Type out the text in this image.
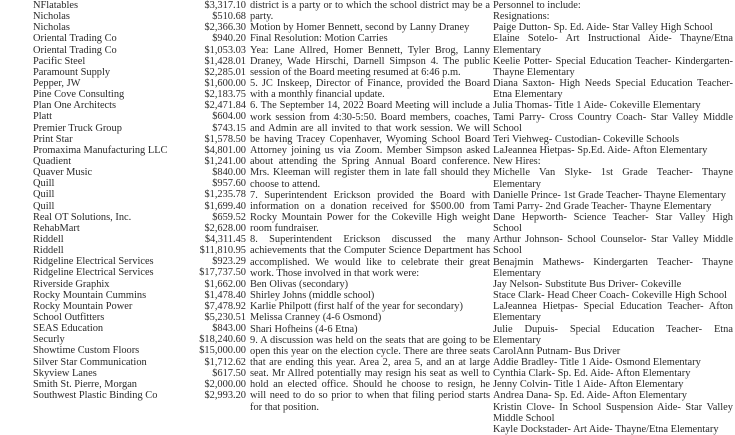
NFlatables	$3,317.10
Nicholas	$510.68
Nicholas	$2,366.30
Oriental Trading Co	$940.20
Oriental Trading Co	$1,053.03
Pacific Steel	$1,428.01
Paramount Supply	$2,285.01
Pepper, JW	$1,600.00
Pine Cove Consulting	$2,183.75
Plan One Architects	$2,471.84
Platt	$604.00
Premier Truck Group	$743.15
Print Star	$1,578.50
Promaxima Manufacturing LLC	$4,801.00
Quadient	$1,241.00
Quaver Music	$840.00
Quill	$957.60
Quill	$1,235.78
Quill	$1,699.40
Real OT Solutions, Inc.	$659.52
RehabMart	$2,628.00
Riddell	$4,311.45
Riddell	$11,810.95
Ridgeline Electrical Services	$923.29
Ridgeline Electrical Services	$17,737.50
Riverside Graphix	$1,662.00
Rocky Mountain Cummins	$1,478.40
Rocky Mountain Power	$7,478.92
School Outfitters	$5,230.51
SEAS Education	$843.00
Securly	$18,240.60
Showtime Custom Floors	$15,000.00
Silver Star Communication	$1,712.62
Skyview Lanes	$617.50
Smith St. Pierre, Morgan	$2,000.00
Southwest Plastic Binding Co	$2,993.20
district is a party or to which the school district may be a party.
Motion by Homer Bennett, second by Lanny Draney
Final Resolution: Motion Carries
Yea: Lane Allred, Homer Bennett, Tyler Brog, Lanny Draney, Wade Hirschi, Darnell Simpson 4. The public session of the Board meeting resumed at 6:46 p.m.
5. JC Inskeep, Director of Finance, provided the Board with a monthly financial update.
6. The September 14, 2022 Board Meeting will include a work session from 4:30-5:50. Board members, coaches, and Admin are all invited to that work session. We will be having Tracey Copenhaver, Wyoming School Board Attorney joining us via Zoom. Member Simpson asked about attending the Spring Annual Board conference. Mrs. Kleeman will register them in late fall should they choose to attend.
7. Superintendent Erickson provided the Board with information on a donation received for $500.00 from Rocky Mountain Power for the Cokeville High weight room fundraiser.
8. Superintendent Erickson discussed the many achievements that the Computer Science Department has accomplished. We would like to celebrate their great work. Those involved in that work were:
Ben Olivas (secondary)
Shirley Johns (middle school)
Karlie Philpott (first half of the year for secondary)
Melissa Cranney (4-6 Osmond)
Shari Hofheins (4-6 Etna)
9. A discussion was held on the seats that are going to be open this year on the election cycle. There are three seats that are ending this year. Area 2, area 5, and an at large seat. Mr Allred potentially may resign his seat as well to hold an elected office. Should he choose to resign, he will need to do so prior to when that filing period starts for that position.
Personnel to include:
Resignations:
Paige Dutton- Sp. Ed. Aide- Star Valley High School
Elaine Sotelo- Art Instructional Aide- Thayne/Etna Elementary
Keelie Potter- Special Education Teacher- Kindergarten- Thayne Elementary
Diana Saxton- High Needs Special Education Teacher- Etna Elementary
Julia Thomas- Title 1 Aide- Cokeville Elementary
Tami Parry- Cross Country Coach- Star Valley Middle School
Teri Viehweg- Custodian- Cokeville Schools
LaJeannea Hietpas- Sp.Ed. Aide- Afton Elementary
New Hires:
Michelle Van Slyke- 1st Grade Teacher- Thayne Elementary
Danielle Prince- 1st Grade Teacher- Thayne Elementary
Tami Parry- 2nd Grade Teacher- Thayne Elementary
Dane Hepworth- Science Teacher- Star Valley High School
Arthur Johnson- School Counselor- Star Valley Middle School
Benajmin Mathews- Kindergarten Teacher- Thayne Elementary
Jay Nelson- Substitute Bus Driver- Cokeville
Stace Clark- Head Cheer Coach- Cokeville High School
LaJeannea Hietpas- Special Education Teacher- Afton Elementary
Julie Dupuis- Special Education Teacher- Etna Elementary
CarolAnn Putnam- Bus Driver
Addie Bradley- Title 1 Aide- Osmond Elementary
Cynthia Clark- Sp. Ed. Aide- Afton Elementary
Jenny Colvin- Title 1 Aide- Afton Elementary
Andrea Dana- Sp. Ed. Aide- Afton Elementary
Kristin Clove- In School Suspension Aide- Star Valley Middle School
Kayle Dockstader- Art Aide- Thayne/Etna Elementary
